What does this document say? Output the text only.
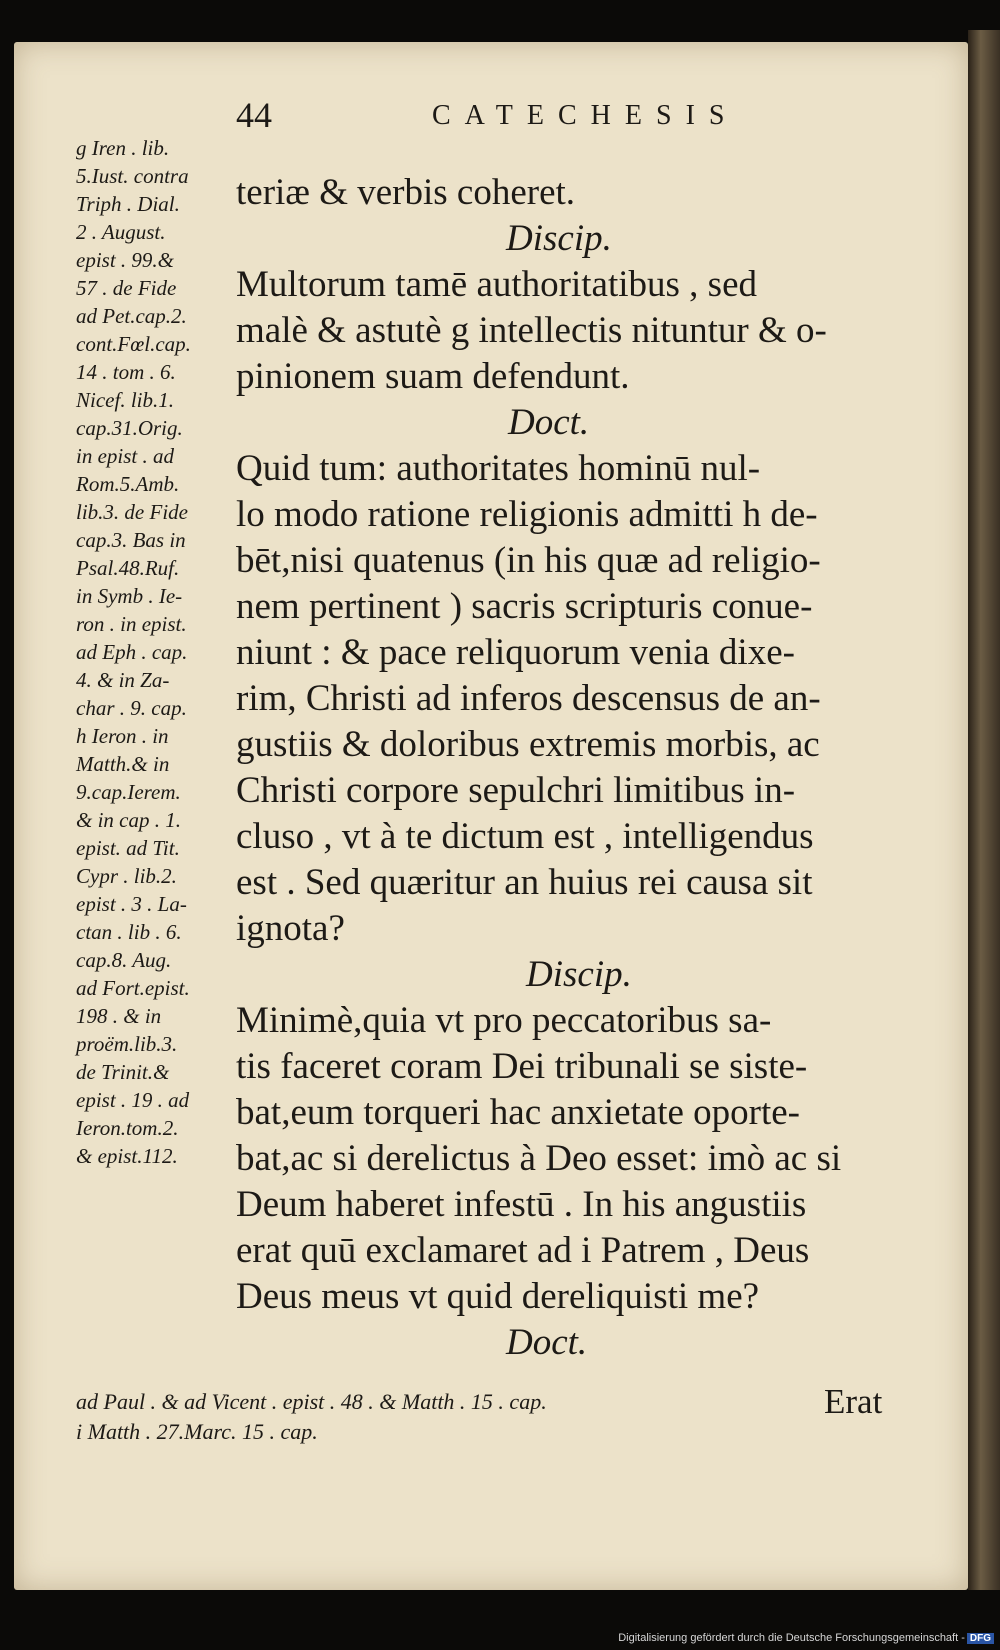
44	CATECHESIS
g Iren . lib.
5.Iust. contra
Triph . Dial.
2 . August.
epist . 99.&
57 . de Fide
ad Pet.cap.2.
cont.Fœl.cap.
14 . tom . 6.
Nicef. lib.1.
cap.31.Orig.
in epist . ad
Rom.5.Amb.
lib.3. de Fide
cap.3. Bas in
Psal.48.Ruf.
in Symb . Ie-
ron . in epist.
ad Eph . cap.
4. & in Za-
char . 9. cap.
h Ieron . in
Matth.& in
9.cap.Ierem.
& in cap . 1.
epist. ad Tit.
Cypr . lib.2.
epist . 3 . La-
ctan . lib . 6.
cap.8. Aug.
ad Fort.epist.
198 . & in
proëm.lib.3.
de Trinit.&
epist . 19 . ad
Ieron.tom.2.
& epist.112.
teriæ & verbis coheret.
Discip.
Multorum tamē authoritatibus , sed
malè & astutè g intellectis nituntur & o-
pinionem suam defendunt.
Doct.
Quid tum: authoritates hominū nul-
lo modo ratione religionis admitti h de-
bēt,nisi quatenus (in his quæ ad religio-
nem pertinent ) sacris scripturis conue-
niunt : & pace reliquorum venia dixe-
rim, Christi ad inferos descensus de an-
gustiis & doloribus extremis morbis, ac
Christi corpore sepulchri limitibus in-
cluso , vt à te dictum est , intelligendus
est . Sed quæritur an huius rei causa sit
ignota?
Discip.
Minimè,quia vt pro peccatoribus sa-
tis faceret coram Dei tribunali se siste-
bat,eum torqueri hac anxietate oporte-
bat,ac si derelictus à Deo esset: imò ac si
Deum haberet infestū . In his angustiis
erat quū exclamaret ad i Patrem , Deus
Deus meus vt quid dereliquisti me?
Doct.
ad Paul . & ad Vicent . epist . 48 . & Matth . 15 . cap.
i Matth . 27.Marc. 15 . cap.
Erat
Digitalisierung gefördert durch die Deutsche Forschungsgemeinschaft - DFG
